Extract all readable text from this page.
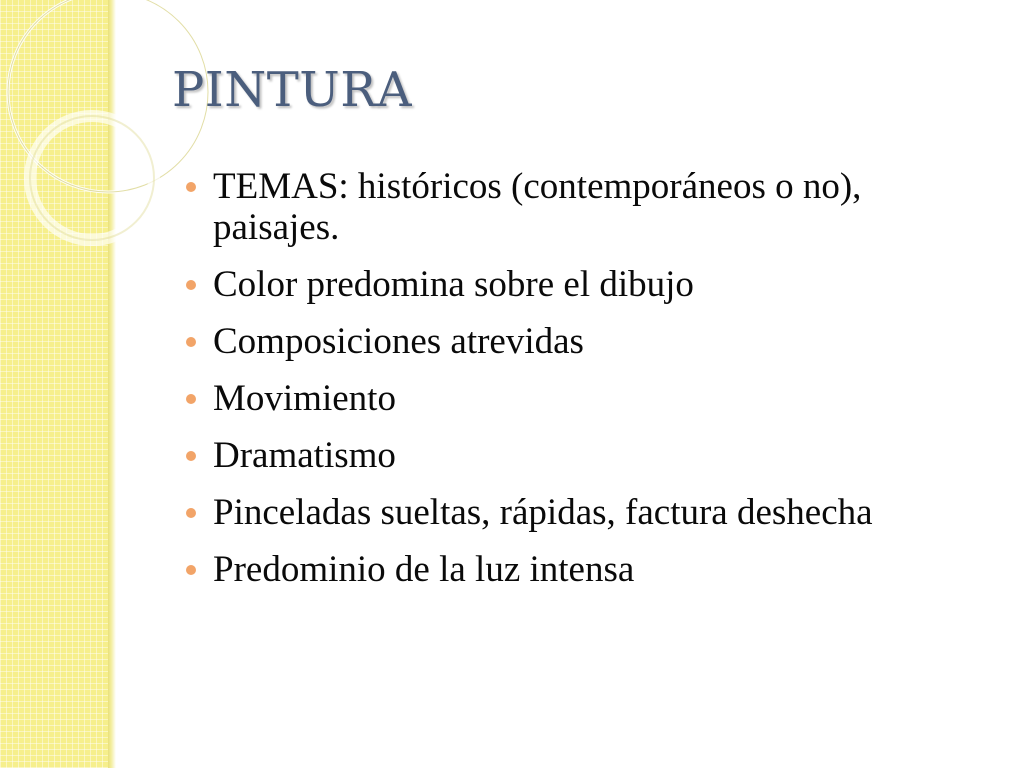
PINTURA
TEMAS: históricos (contemporáneos o no), paisajes.
Color predomina sobre el dibujo
Composiciones atrevidas
Movimiento
Dramatismo
Pinceladas sueltas, rápidas, factura deshecha
Predominio de la luz intensa
